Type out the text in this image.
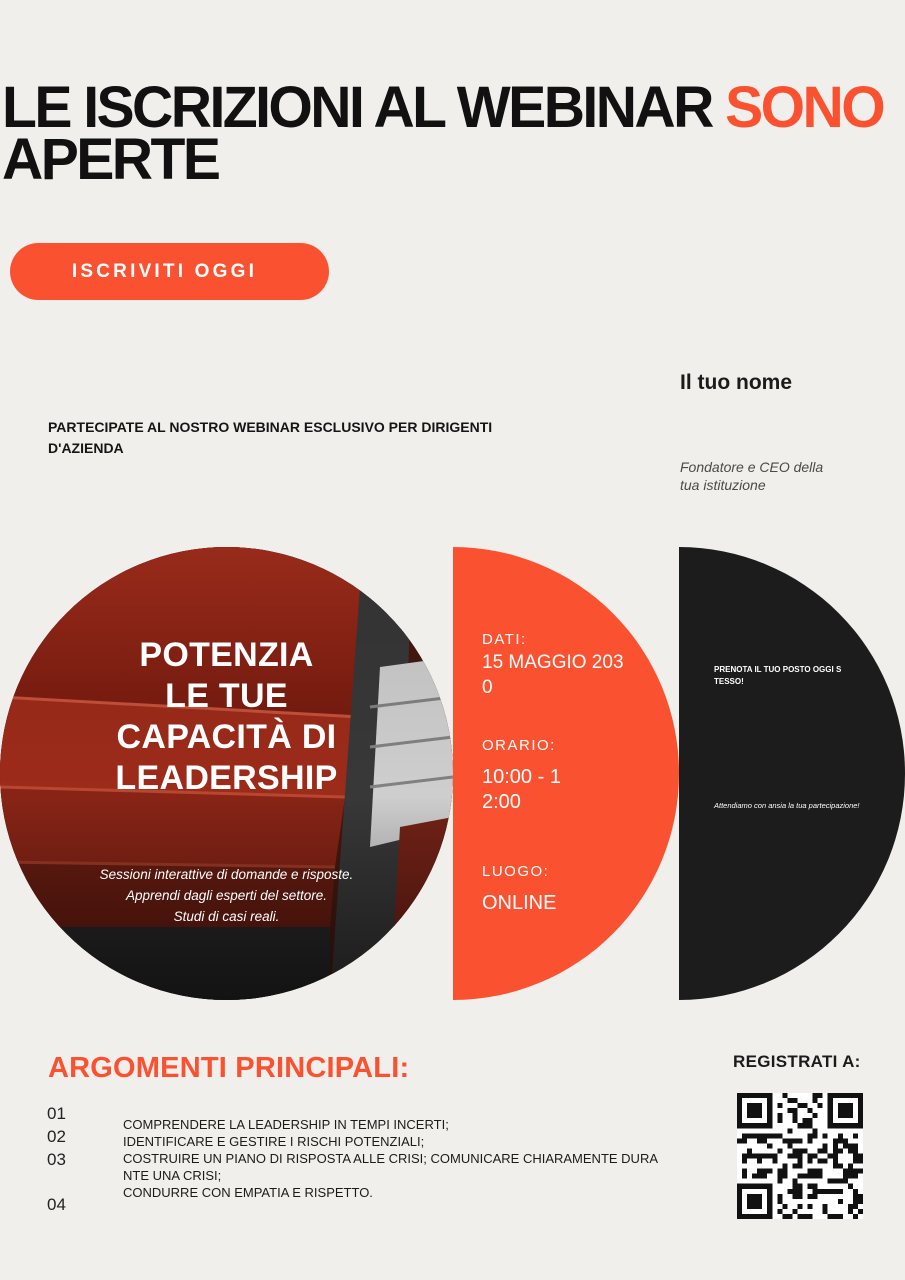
LE ISCRIZIONI AL WEBINAR SONO
APERTE
ISCRIVITI OGGI
PARTECIPATE AL NOSTRO WEBINAR ESCLUSIVO PER DIRIGENTI D'AZIENDA
Il tuo nome
Fondatore e CEO della
tua istituzione
POTENZIA
LE TUE
CAPACITÀ DI
LEADERSHIP
Sessioni interattive di domande e risposte.
Apprendi dagli esperti del settore.
Studi di casi reali.
DATI:
15 MAGGIO 2030
ORARIO:
10:00 - 12:00
LUOGO:
ONLINE
PRENOTA IL TUO POSTO OGGI STESSO!
Attendiamo con ansia la tua partecipazione!
ARGOMENTI PRINCIPALI:
01
02
03
04
COMPRENDERE LA LEADERSHIP IN TEMPI INCERTI;
IDENTIFICARE E GESTIRE I RISCHI POTENZIALI;
COSTRUIRE UN PIANO DI RISPOSTA ALLE CRISI; COMUNICARE CHIARAMENTE DURANTE UNA CRISI;
CONDURRE CON EMPATIA E RISPETTO.
REGISTRATI A:
